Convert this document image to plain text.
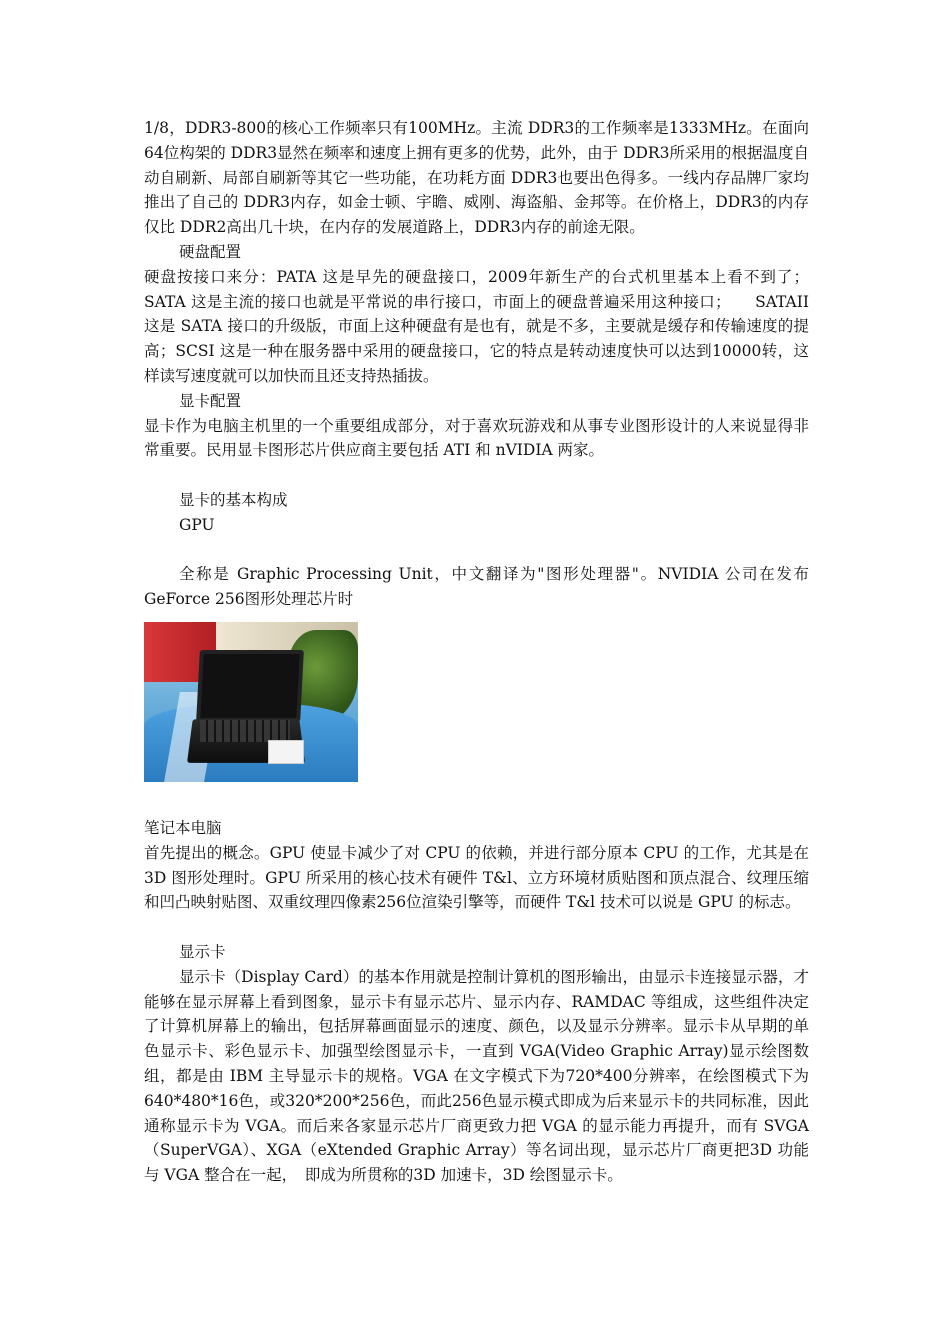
1/8，DDR3-800的核心工作频率只有100MHz。主流 DDR3的工作频率是1333MHz。在面向64位构架的 DDR3显然在频率和速度上拥有更多的优势，此外，由于 DDR3所采用的根据温度自动自刷新、局部自刷新等其它一些功能，在功耗方面 DDR3也要出色得多。一线内存品牌厂家均推出了自己的 DDR3内存，如金士顿、宇瞻、威刚、海盗船、金邦等。在价格上，DDR3的内存仅比 DDR2高出几十块，在内存的发展道路上，DDR3内存的前途无限。

硬盘配置

硬盘按接口来分：PATA 这是早先的硬盘接口，2009年新生产的台式机里基本上看不到了；SATA 这是主流的接口也就是平常说的串行接口，市面上的硬盘普遍采用这种接口；　　SATAII 这是 SATA 接口的升级版，市面上这种硬盘有是也有，就是不多，主要就是缓存和传输速度的提高；SCSI 这是一种在服务器中采用的硬盘接口，它的特点是转动速度快可以达到10000转，这样读写速度就可以加快而且还支持热插拔。

显卡配置

显卡作为电脑主机里的一个重要组成部分，对于喜欢玩游戏和从事专业图形设计的人来说显得非常重要。民用显卡图形芯片供应商主要包括 ATI 和 nVIDIA 两家。

显卡的基本构成

GPU

全称是 Graphic Processing Unit，中文翻译为"图形处理器"。NVIDIA 公司在发布 GeForce 256图形处理芯片时

笔记本电脑

首先提出的概念。GPU 使显卡减少了对 CPU 的依赖，并进行部分原本 CPU 的工作，尤其是在3D 图形处理时。GPU 所采用的核心技术有硬件 T&l、立方环境材质贴图和顶点混合、纹理压缩和凹凸映射贴图、双重纹理四像素256位渲染引擎等，而硬件 T&l 技术可以说是 GPU 的标志。

显示卡

显示卡（Display Card）的基本作用就是控制计算机的图形输出，由显示卡连接显示器，才能够在显示屏幕上看到图象，显示卡有显示芯片、显示内存、RAMDAC 等组成，这些组件决定了计算机屏幕上的输出，包括屏幕画面显示的速度、颜色，以及显示分辨率。显示卡从早期的单色显示卡、彩色显示卡、加强型绘图显示卡，一直到 VGA(Video Graphic Array)显示绘图数组，都是由 IBM 主导显示卡的规格。VGA 在文字模式下为720*400分辨率，在绘图模式下为640*480*16色，或320*200*256色，而此256色显示模式即成为后来显示卡的共同标准，因此通称显示卡为 VGA。而后来各家显示芯片厂商更致力把 VGA 的显示能力再提升，而有 SVGA（SuperVGA）、XGA（eXtended Graphic Array）等名词出现，显示芯片厂商更把3D 功能与 VGA 整合在一起，　即成为所贯称的3D 加速卡，3D 绘图显示卡。
